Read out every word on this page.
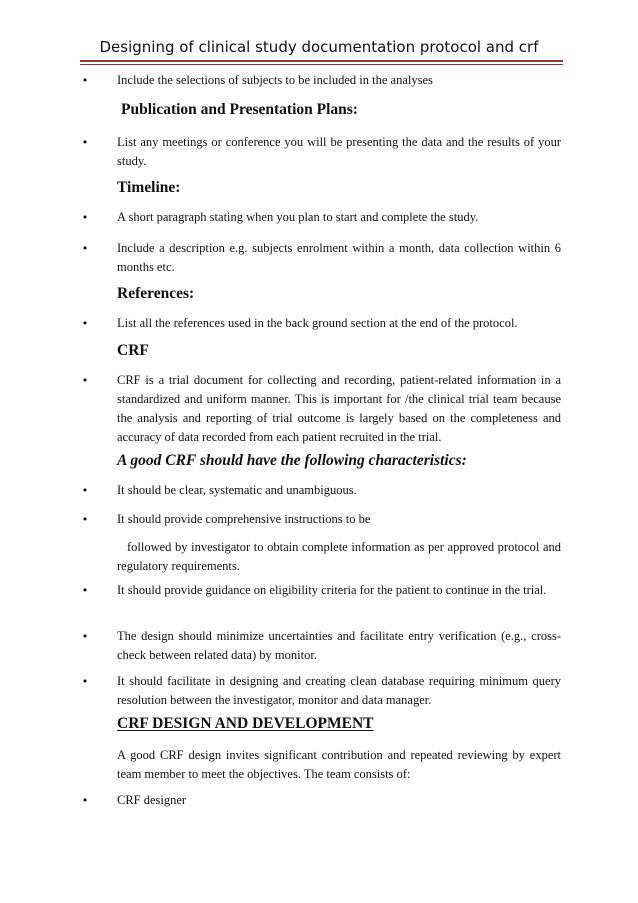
Designing of clinical study documentation protocol and crf
•	Include the selections of subjects to be included in the analyses
Publication and Presentation Plans:
•	List any meetings or conference you will be presenting the data and the results of your study.
Timeline:
•	A short paragraph stating when you plan to start and complete the study.
•	Include a description e.g. subjects enrolment within a month, data collection within 6 months etc.
References:
•	List all the references used in the back ground section at the end of the protocol.
CRF
•	CRF is a trial document for collecting and recording, patient-related information in a standardized and uniform manner. This is important for /the clinical trial team because the analysis and reporting of trial outcome is largely based on the completeness and accuracy of data recorded from each patient recruited in the trial.
A good CRF should have the following characteristics:
•	It should be clear, systematic and unambiguous.
•	It should provide comprehensive instructions to be
followed by investigator to obtain complete information as per approved protocol and regulatory requirements.
•	It should provide guidance on eligibility criteria for the patient to continue in the trial.
•	The design should minimize uncertainties and facilitate entry verification (e.g., cross-check between related data) by monitor.
•	It should facilitate in designing and creating clean database requiring minimum query resolution between the investigator, monitor and data manager.
CRF DESIGN AND DEVELOPMENT
A good CRF design invites significant contribution and repeated reviewing by expert team member to meet the objectives. The team consists of:
•	CRF designer
